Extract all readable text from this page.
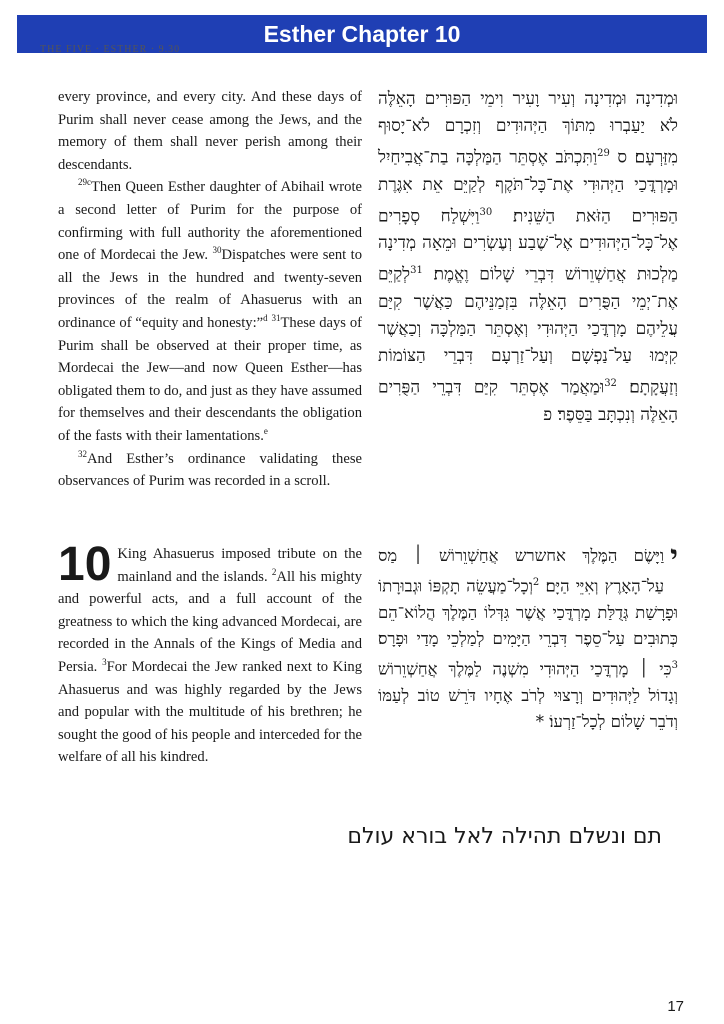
Esther Chapter 10
THE FIVE · ESTHER · 9.30

every province, and every city. And these days of Purim shall never cease among the Jews, and the memory of them shall never perish among their descendants.

$^{29c}$Then Queen Esther daughter of Abihail wrote a second letter of Purim for the purpose of confirming with full authority the aforementioned one of Mordecai the Jew. $^{30}$Dispatches were sent to all the Jews in the hundred and twenty-seven provinces of the realm of Ahasuerus with an ordinance of “equity and honesty:”$^d$ $^{31}$These days of Purim shall be observed at their proper time, as Mordecai the Jew—and now Queen Esther—has obligated them to do, and just as they have assumed for themselves and their descendants the obligation of the fasts with their lamentations.$^e$

$^{32}$And Esther’s ordinance validating these observances of Purim was recorded in a scroll.

וּמְדִינָה וּמְדִינָה וְעִיר וָעִיר וִימֵי הַפּוּרִים הָאֵלֶּה לֹא יַעַבְרוּ מִתּוֹךְ הַיְּהוּדִים וְזִכְרָם לֹא־יָסוּף מִזַּרְעָם׃ ס $^{29}$וַתִּכְתֹּב אֶסְתֵּר הַמַּלְכָּה בַת־אֲבִיחַיִל וּמָרְדֳּכַי הַיְּהוּדִי אֶת־כָּל־תֹּקֶף לְקַיֵּם אֵת אִגֶּרֶת הַפּוּרִים הַזֹּאת הַשֵּׁנִית׃ $^{30}$וַיִּשְׁלַח סְפָרִים אֶל־כָּל־הַיְּהוּדִים אֶל־שֶׁבַע וְעֶשְׂרִים וּמֵאָה מְדִינָה מַלְכוּת אֲחַשְׁוֵרוֹשׁ דִּבְרֵי שָׁלוֹם וֶאֱמֶת׃ $^{31}$לְקַיֵּם אֶת־יְמֵי הַפֻּרִים הָאֵלֶּה בִּזְמַנֵּיהֶם כַּאֲשֶׁר קִיַּם עֲלֵיהֶם מָרְדֳּכַי הַיְּהוּדִי וְאֶסְתֵּר הַמַּלְכָּה וְכַאֲשֶׁר קִיְּמוּ עַל־נַפְשָׁם וְעַל־זַרְעָם דִּבְרֵי הַצּוֹמוֹת וְזַעֲקָתָם׃ $^{32}$וּמַאֲמַר אֶסְתֵּר קִיַּם דִּבְרֵי הַפֻּרִים הָאֵלֶּה וְנִכְתָּב בַּסֵּפֶר׃ פ

10 King Ahasuerus imposed tribute on the mainland and the islands. $^2$All his mighty and powerful acts, and a full account of the greatness to which the king advanced Mordecai, are recorded in the Annals of the Kings of Media and Persia. $^3$For Mordecai the Jew ranked next to King Ahasuerus and was highly regarded by the Jews and popular with the multitude of his brethren; he sought the good of his people and interceded for the welfare of all his kindred.
י
וַיָּשֶׂם הַמֶּלֶךְ אחשרש אֲחַשְׁוֵרוֹשׁ ׀ מַס עַל־הָאָרֶץ וְאִיֵּי הַיָּם׃ $^2$וְכָל־מַעֲשֵׂה תָקְפּוֹ וּגְבוּרָתוֹ וּפָרָשַׁת גְּדֻלַּת מָרְדֳּכַי אֲשֶׁר גִּדְּלוֹ הַמֶּלֶךְ הֲלוֹא־הֵם כְּתוּבִים עַל־סֵפֶר דִּבְרֵי הַיָּמִים לְמַלְכֵי מָדַי וּפָרָס׃ $^3$כִּי ׀ מָרְדֳּכַי הַיְּהוּדִי מִשְׁנֶה לַמֶּלֶךְ אֲחַשְׁוֵרוֹשׁ וְגָדוֹל לַיְּהוּדִים וְרָצוּי לְרֹב אֶחָיו דֹּרֵשׁ טוֹב לְעַמּוֹ וְדֹבֵר שָׁלוֹם לְכָל־זַרְעוֹ׃ *
תם ונשלם תהילה לאל בורא עולם
17
